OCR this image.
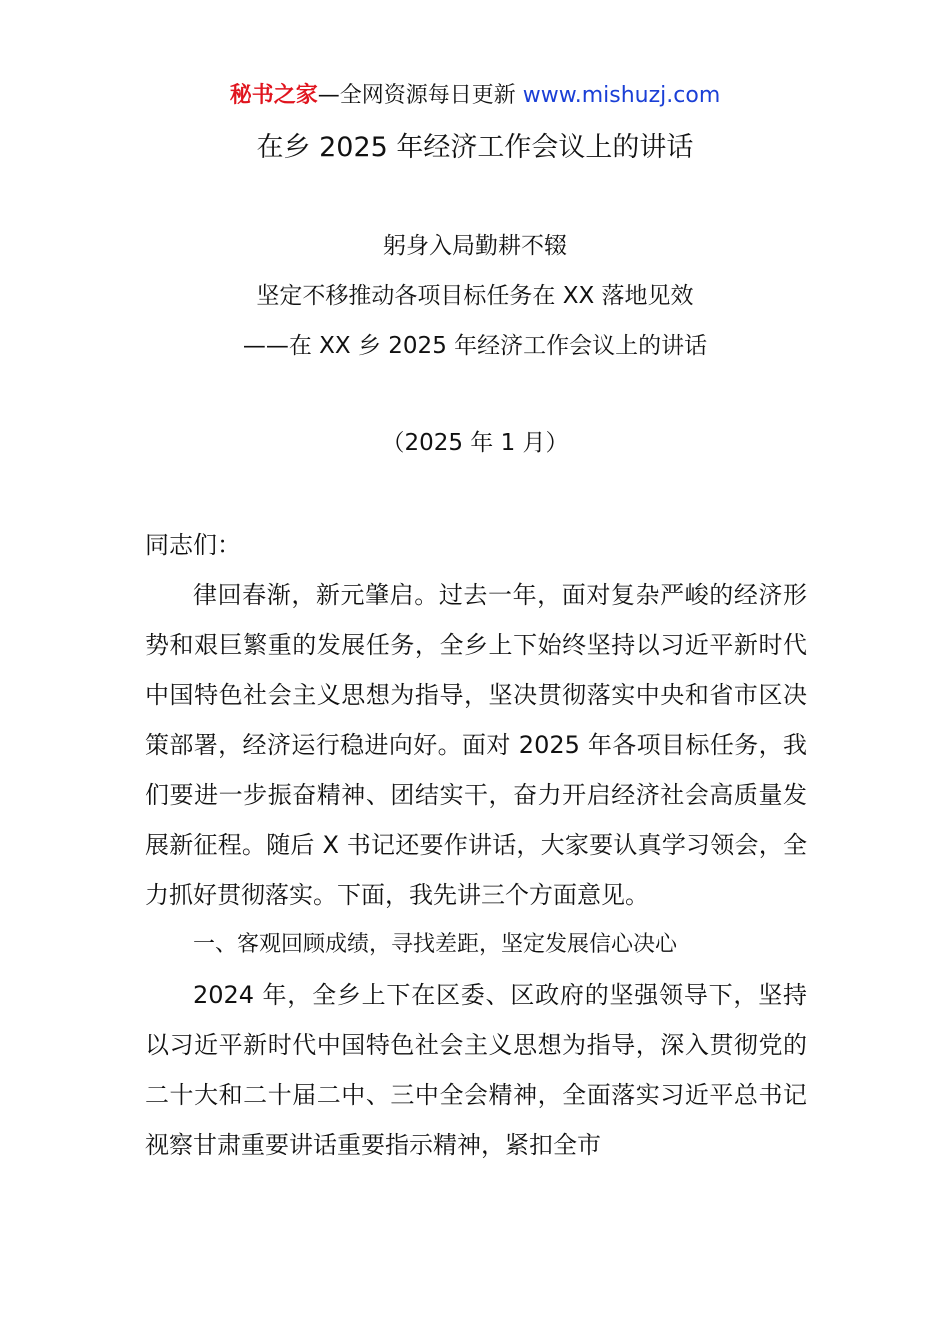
秘书之家—全网资源每日更新 www.mishuzj.com
在乡 2025 年经济工作会议上的讲话
躬身入局勤耕不辍
坚定不移推动各项目标任务在 XX 落地见效
——在 XX 乡 2025 年经济工作会议上的讲话
（2025 年 1 月）

同志们：

律回春渐，新元肇启。过去一年，面对复杂严峻的经济形势和艰巨繁重的发展任务，全乡上下始终坚持以习近平新时代中国特色社会主义思想为指导，坚决贯彻落实中央和省市区决策部署，经济运行稳进向好。面对 2025 年各项目标任务，我们要进一步振奋精神、团结实干，奋力开启经济社会高质量发展新征程。随后 X 书记还要作讲话，大家要认真学习领会，全力抓好贯彻落实。下面，我先讲三个方面意见。

一、客观回顾成绩，寻找差距，坚定发展信心决心

2024 年，全乡上下在区委、区政府的坚强领导下，坚持以习近平新时代中国特色社会主义思想为指导，深入贯彻党的二十大和二十届二中、三中全会精神，全面落实习近平总书记视察甘肃重要讲话重要指示精神，紧扣全市
